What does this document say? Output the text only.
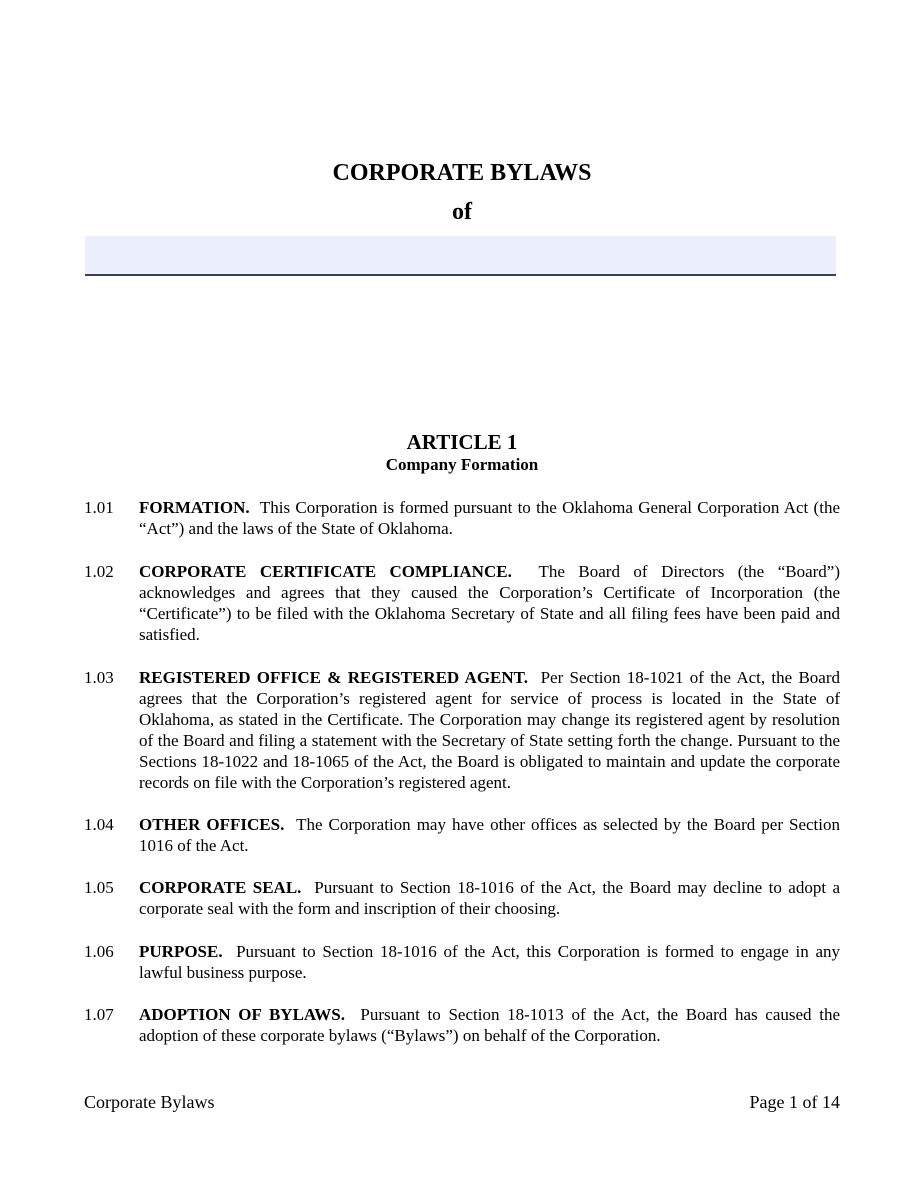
CORPORATE BYLAWS
of
ARTICLE 1
Company Formation
1.01	FORMATION. This Corporation is formed pursuant to the Oklahoma General Corporation Act (the “Act”) and the laws of the State of Oklahoma.
1.02	CORPORATE CERTIFICATE COMPLIANCE. The Board of Directors (the “Board”) acknowledges and agrees that they caused the Corporation’s Certificate of Incorporation (the “Certificate”) to be filed with the Oklahoma Secretary of State and all filing fees have been paid and satisfied.
1.03	REGISTERED OFFICE & REGISTERED AGENT. Per Section 18-1021 of the Act, the Board agrees that the Corporation’s registered agent for service of process is located in the State of Oklahoma, as stated in the Certificate. The Corporation may change its registered agent by resolution of the Board and filing a statement with the Secretary of State setting forth the change. Pursuant to the Sections 18-1022 and 18-1065 of the Act, the Board is obligated to maintain and update the corporate records on file with the Corporation’s registered agent.
1.04	OTHER OFFICES. The Corporation may have other offices as selected by the Board per Section 1016 of the Act.
1.05	CORPORATE SEAL. Pursuant to Section 18-1016 of the Act, the Board may decline to adopt a corporate seal with the form and inscription of their choosing.
1.06	PURPOSE. Pursuant to Section 18-1016 of the Act, this Corporation is formed to engage in any lawful business purpose.
1.07	ADOPTION OF BYLAWS. Pursuant to Section 18-1013 of the Act, the Board has caused the adoption of these corporate bylaws (“Bylaws”) on behalf of the Corporation.
Corporate Bylaws	Page 1 of 14
